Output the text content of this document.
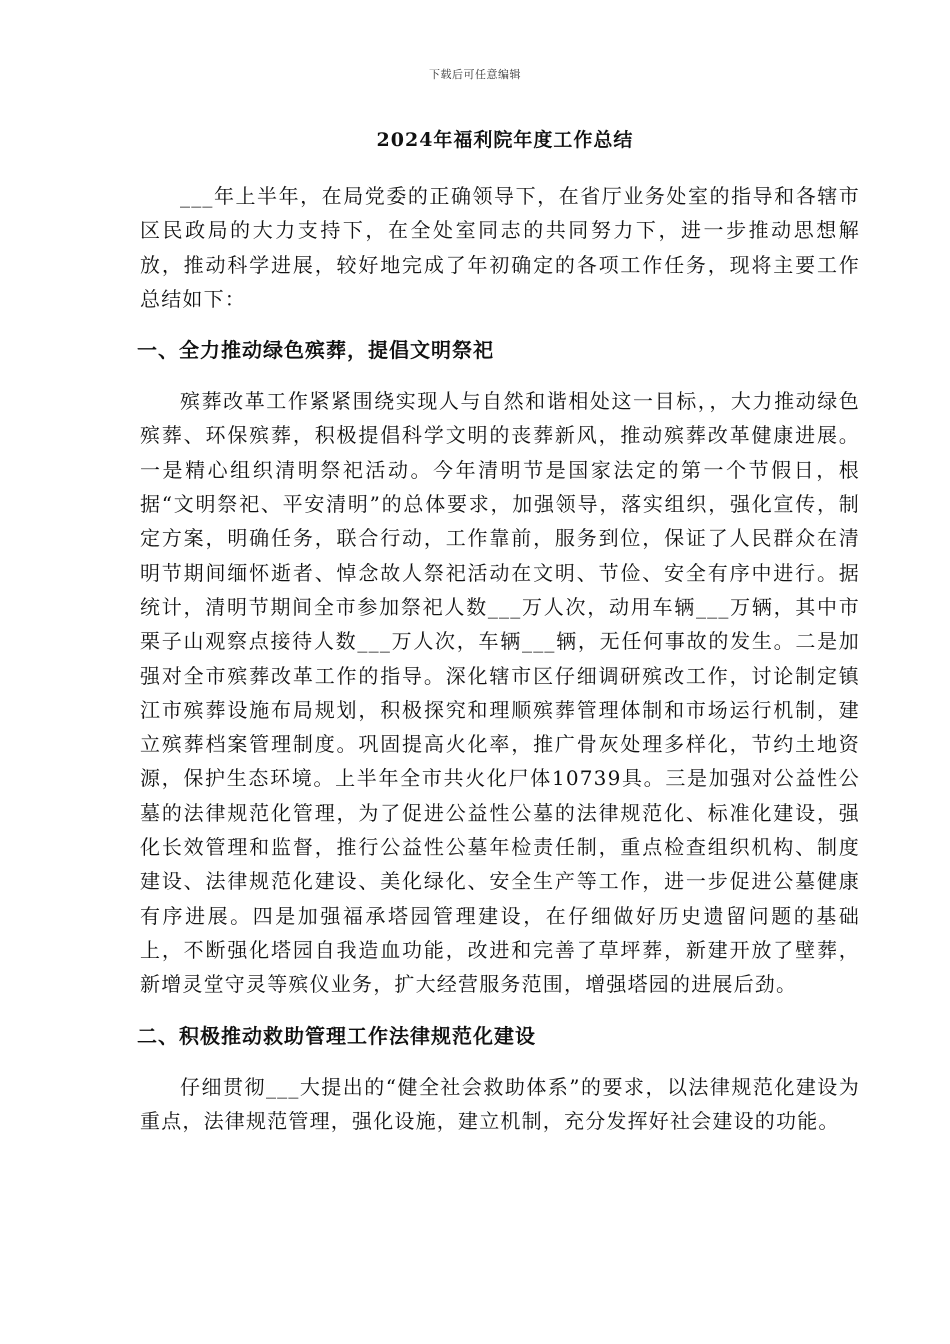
下载后可任意编辑
2024年福利院年度工作总结

___年上半年，在局党委的正确领导下，在省厅业务处室的指导和各辖市区民政局的大力支持下，在全处室同志的共同努力下，进一步推动思想解放，推动科学进展，较好地完成了年初确定的各项工作任务，现将主要工作总结如下：

一、全力推动绿色殡葬，提倡文明祭祀

殡葬改革工作紧紧围绕实现人与自然和谐相处这一目标，，大力推动绿色殡葬、环保殡葬，积极提倡科学文明的丧葬新风，推动殡葬改革健康进展。一是精心组织清明祭祀活动。今年清明节是国家法定的第一个节假日，根据“文明祭祀、平安清明”的总体要求，加强领导，落实组织，强化宣传，制定方案，明确任务，联合行动，工作靠前，服务到位，保证了人民群众在清明节期间缅怀逝者、悼念故人祭祀活动在文明、节俭、安全有序中进行。据统计，清明节期间全市参加祭祀人数___万人次，动用车辆___万辆，其中市栗子山观察点接待人数___万人次，车辆___辆，无任何事故的发生。二是加强对全市殡葬改革工作的指导。深化辖市区仔细调研殡改工作，讨论制定镇江市殡葬设施布局规划，积极探究和理顺殡葬管理体制和市场运行机制，建立殡葬档案管理制度。巩固提高火化率，推广骨灰处理多样化，节约土地资源，保护生态环境。上半年全市共火化尸体10739具。三是加强对公益性公墓的法律规范化管理，为了促进公益性公墓的法律规范化、标准化建设，强化长效管理和监督，推行公益性公墓年检责任制，重点检查组织机构、制度建设、法律规范化建设、美化绿化、安全生产等工作，进一步促进公墓健康有序进展。四是加强福承塔园管理建设，在仔细做好历史遗留问题的基础上，不断强化塔园自我造血功能，改进和完善了草坪葬，新建开放了壁葬，新增灵堂守灵等殡仪业务，扩大经营服务范围，增强塔园的进展后劲。

二、积极推动救助管理工作法律规范化建设

仔细贯彻___大提出的“健全社会救助体系”的要求，以法律规范化建设为重点，法律规范管理，强化设施，建立机制，充分发挥好社会建设的功能。
